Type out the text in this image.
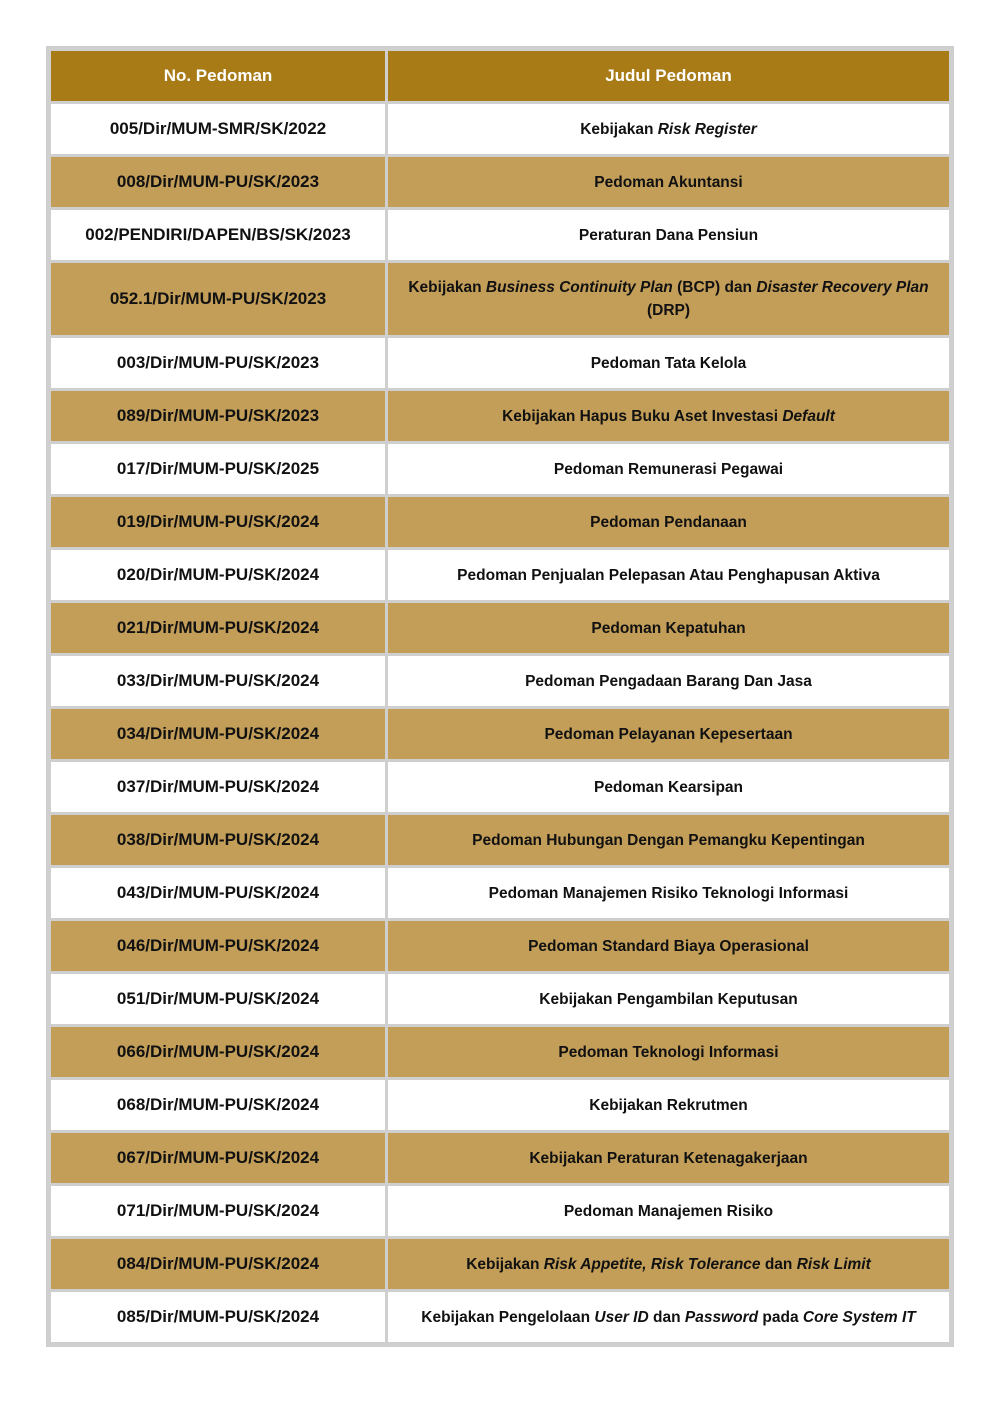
No. Pedoman	Judul Pedoman
005/Dir/MUM-SMR/SK/2022	Kebijakan Risk Register
008/Dir/MUM-PU/SK/2023	Pedoman Akuntansi
002/PENDIRI/DAPEN/BS/SK/2023	Peraturan Dana Pensiun
052.1/Dir/MUM-PU/SK/2023	Kebijakan Business Continuity Plan (BCP) dan Disaster Recovery Plan (DRP)
003/Dir/MUM-PU/SK/2023	Pedoman Tata Kelola
089/Dir/MUM-PU/SK/2023	Kebijakan Hapus Buku Aset Investasi Default
017/Dir/MUM-PU/SK/2025	Pedoman Remunerasi Pegawai
019/Dir/MUM-PU/SK/2024	Pedoman Pendanaan
020/Dir/MUM-PU/SK/2024	Pedoman Penjualan Pelepasan Atau Penghapusan Aktiva
021/Dir/MUM-PU/SK/2024	Pedoman Kepatuhan
033/Dir/MUM-PU/SK/2024	Pedoman Pengadaan Barang Dan Jasa
034/Dir/MUM-PU/SK/2024	Pedoman Pelayanan Kepesertaan
037/Dir/MUM-PU/SK/2024	Pedoman Kearsipan
038/Dir/MUM-PU/SK/2024	Pedoman Hubungan Dengan Pemangku Kepentingan
043/Dir/MUM-PU/SK/2024	Pedoman Manajemen Risiko Teknologi Informasi
046/Dir/MUM-PU/SK/2024	Pedoman Standard Biaya Operasional
051/Dir/MUM-PU/SK/2024	Kebijakan Pengambilan Keputusan
066/Dir/MUM-PU/SK/2024	Pedoman Teknologi Informasi
068/Dir/MUM-PU/SK/2024	Kebijakan Rekrutmen
067/Dir/MUM-PU/SK/2024	Kebijakan Peraturan Ketenagakerjaan
071/Dir/MUM-PU/SK/2024	Pedoman Manajemen Risiko
084/Dir/MUM-PU/SK/2024	Kebijakan Risk Appetite, Risk Tolerance dan Risk Limit
085/Dir/MUM-PU/SK/2024	Kebijakan Pengelolaan User ID dan Password pada Core System IT
